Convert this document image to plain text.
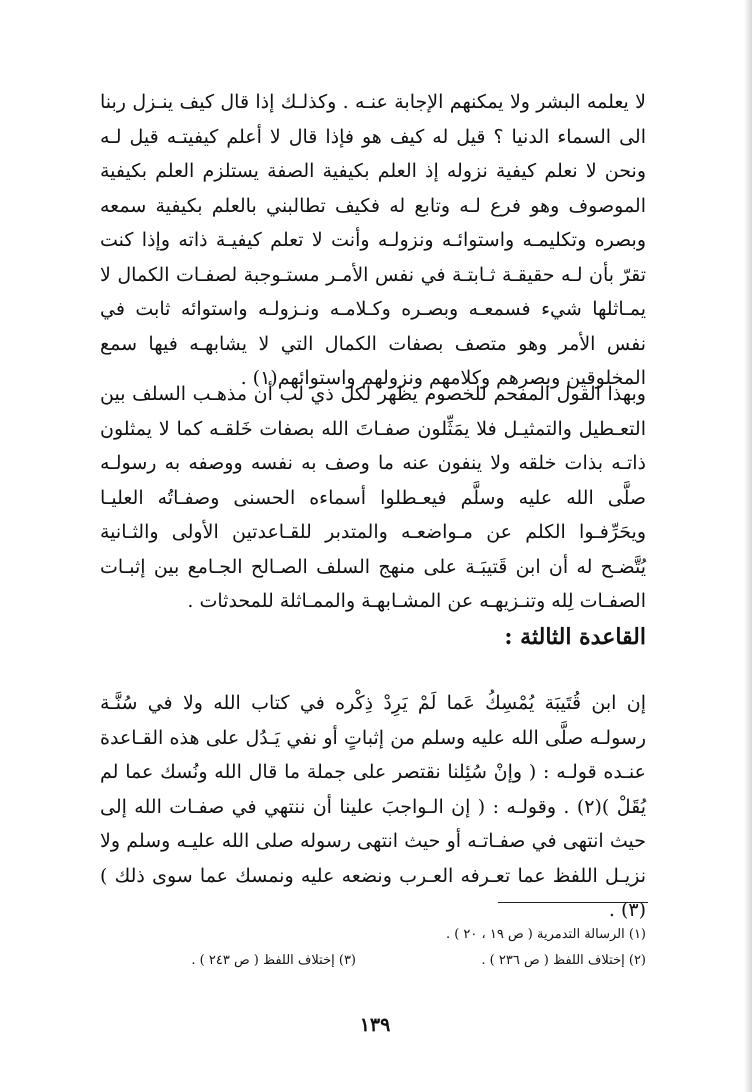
لا يعلمه البشر ولا يمكنهم الإجابة عنـه . وكذلـك إذا قال كيف ينـزل ربنا الى السماء الدنيا ؟ قيل له كيف هو فإذا قال لا أعلم كيفيتـه قيل لـه ونحن لا نعلم كيفية نزوله إذ العلم بكيفية الصفة يستلزم العلم بكيفية الموصوف وهو فرع لـه وتابع له فكيف تطالبني بالعلم بكيفية سمعه وبصره وتكليمـه واستوائـه ونزولـه وأنت لا تعلم كيفيـة ذاته وإذا كنت تقرّ بأن لـه حقيقـة ثـابتـة في نفس الأمـر مستـوجبة لصفـات الكمال لا يمـاثلها شيء فسمعـه وبصـره وكـلامـه ونـزولـه واستوائه ثابت في نفس الأمر وهو متصف بصفات الكمال التي لا يشابهـه فيها سمع المخلوقين وبصرهم وكلامهم ونزولهم واستوائهم(١) .

وبهذا القول المفحم للخصوم يظهر لكل ذي لب أن مذهـب السلف بين التعـطيل والتمثيـل فلا يمَثِّلون صفـاتَ الله بصفات خَلقـه كما لا يمثلون ذاتـه بذات خلقه ولا ينفون عنه ما وصف به نفسه ووصفه به رسولـه صلَّى الله عليه وسلَّم فيعـطلوا أسماءه الحسنى وصفـاتُه العليـا ويحَرِّفـوا الكلم عن مـواضعـه والمتدبر للقـاعدتين الأولى والثـانية يُتَّضـح له أن ابن قَتيبَـة على منهج السلف الصـالح الجـامع بين إثبـات الصفـات لِله وتنـزيهـه عن المشـابهـة والممـاثلة للمحدثات .

القاعدة الثالثة :

إن ابن قُتَيبَة يُمْسِكُ عَما لَمْ يَرِدْ ذِكْره في كتاب الله ولا في سُنَّـة رسولـه صلَّى الله عليه وسلم من إثباتٍ أو نفي يَـدُل على هذه القـاعدة عنـده قولـه : ( وإنْ سُئِلنا نقتصر على جملة ما قال الله ونُسك عما لم يُقَلْ )(٢) . وقولـه : ( إن الـواجبَ علينا أن ننتهي في صفـات الله إلى حيث انتهى في صفـاتـه أو حيث انتهى رسوله صلى الله عليـه وسلم ولا نزيـل اللفظ عما تعـرفه العـرب ونضعه عليه ونمسك عما سوى ذلك )(٣) .

(١) الرسالة التدمرية ( ص ١٩ ، ٢٠ ) .
(٢) إختلاف اللفظ ( ص ٢٣٦ ) .
(٣) إختلاف اللفظ ( ص ٢٤٣ ) .
١٣٩
